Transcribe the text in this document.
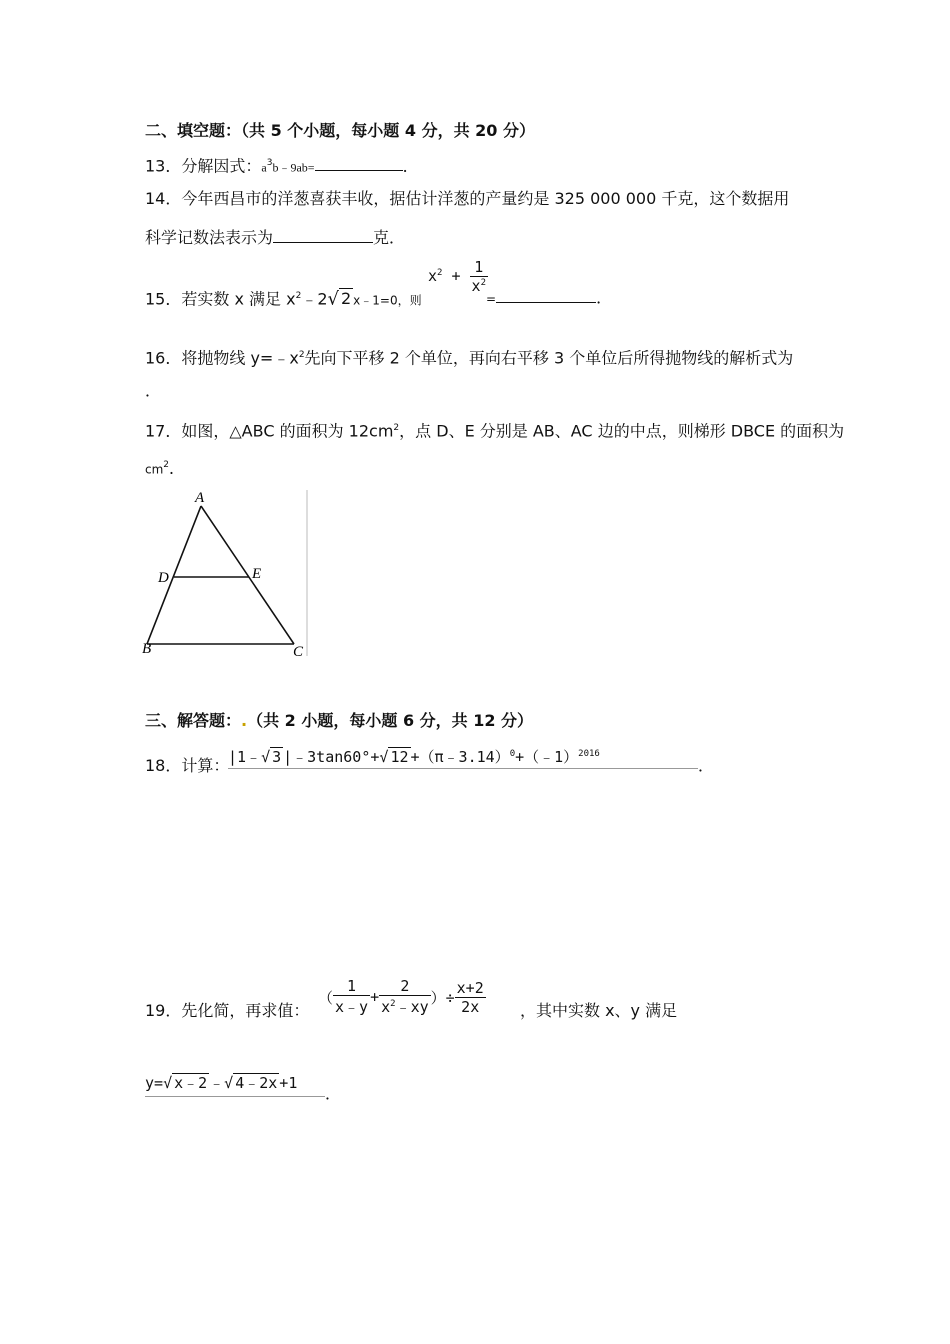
二、填空题：（共 5 个小题，每小题 4 分，共 20 分）
13．分解因式：$a^3b﹣9ab=$	．
14．今年西昌市的洋葱喜获丰收，据估计洋葱的产量约是 325 000 000 千克，这个数据用
科学记数法表示为	克．
15．若实数 x 满足 $x^2﹣2√$ 2 x﹣1=0，则
$x^2 + \frac{1}{x^2}$
=	．
16．将抛物线 $y=﹣x^2$先向下平移 2 个单位，再向右平移 3 个单位后所得抛物线的解析式为
．
17．如图，△ABC 的面积为 $12cm^2$，点 D、E 分别是 AB、AC 边的中点，则梯形 DBCE 的面积为
$cm^2$．
A
D	E
B	C
三、解答题：.（共 2 小题，每小题 6 分，共 12 分）
18．计算：
|1﹣√ 3 |﹣3tan60°+√ 12 +（π﹣3.14）$^0$+（﹣1）$^{2016}$
．
19．先化简，再求值：
（ $\frac{1}{x﹣y} + \frac{2}{x^2﹣xy}$ ）÷ $\frac{x+2}{2x}$ ，其中实数 x、y 满足
y=√ x﹣2 ﹣√ 4﹣2x +1
．
